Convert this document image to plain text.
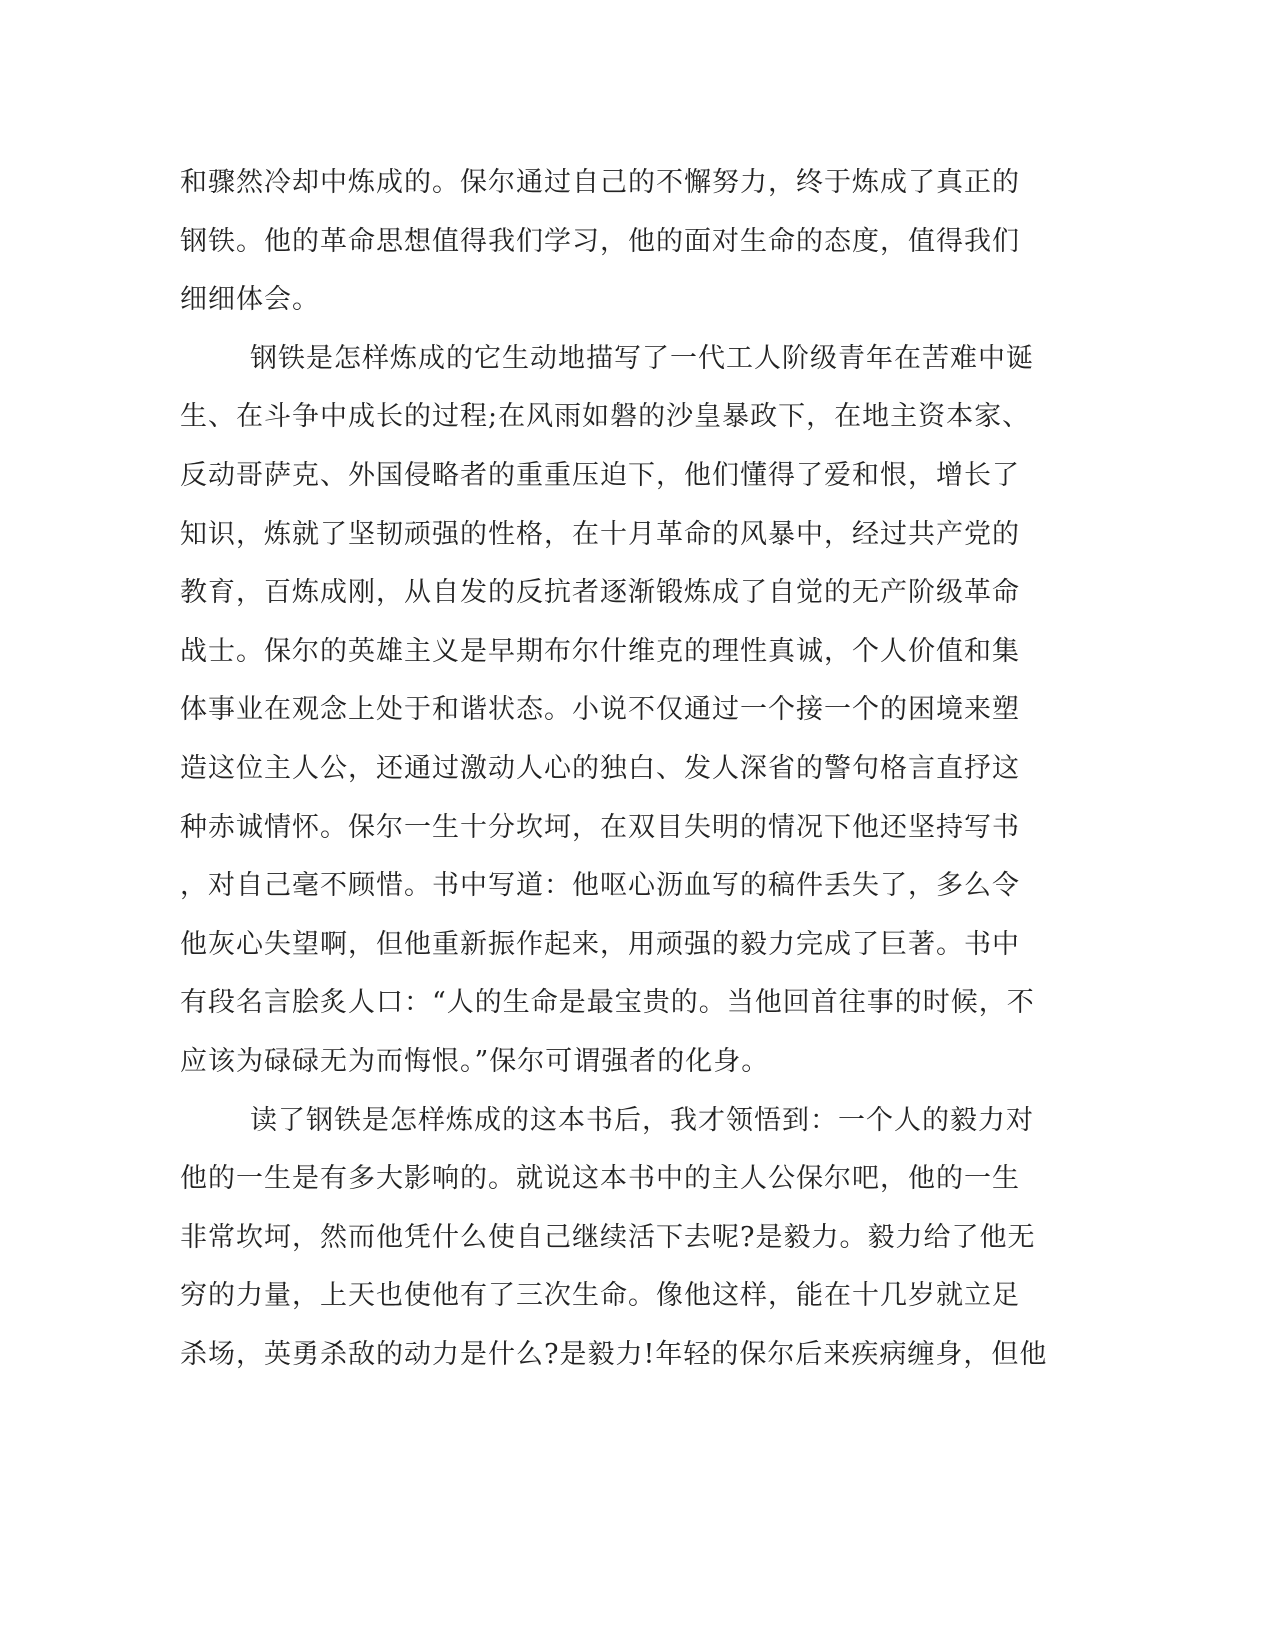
和骤然冷却中炼成的。保尔通过自己的不懈努力，终于炼成了真正的
钢铁。他的革命思想值得我们学习，他的面对生命的态度，值得我们
细细体会。
钢铁是怎样炼成的它生动地描写了一代工人阶级青年在苦难中诞
生、在斗争中成长的过程;在风雨如磐的沙皇暴政下，在地主资本家、
反动哥萨克、外国侵略者的重重压迫下，他们懂得了爱和恨，增长了
知识，炼就了坚韧顽强的性格，在十月革命的风暴中，经过共产党的
教育，百炼成刚，从自发的反抗者逐渐锻炼成了自觉的无产阶级革命
战士。保尔的英雄主义是早期布尔什维克的理性真诚，个人价值和集
体事业在观念上处于和谐状态。小说不仅通过一个接一个的困境来塑
造这位主人公，还通过激动人心的独白、发人深省的警句格言直抒这
种赤诚情怀。保尔一生十分坎坷，在双目失明的情况下他还坚持写书
，对自己毫不顾惜。书中写道：他呕心沥血写的稿件丢失了，多么令
他灰心失望啊，但他重新振作起来，用顽强的毅力完成了巨著。书中
有段名言脍炙人口：“人的生命是最宝贵的。当他回首往事的时候，不
应该为碌碌无为而悔恨。”保尔可谓强者的化身。
读了钢铁是怎样炼成的这本书后，我才领悟到：一个人的毅力对
他的一生是有多大影响的。就说这本书中的主人公保尔吧，他的一生
非常坎坷，然而他凭什么使自己继续活下去呢?是毅力。毅力给了他无
穷的力量，上天也使他有了三次生命。像他这样，能在十几岁就立足
杀场，英勇杀敌的动力是什么?是毅力!年轻的保尔后来疾病缠身，但他
